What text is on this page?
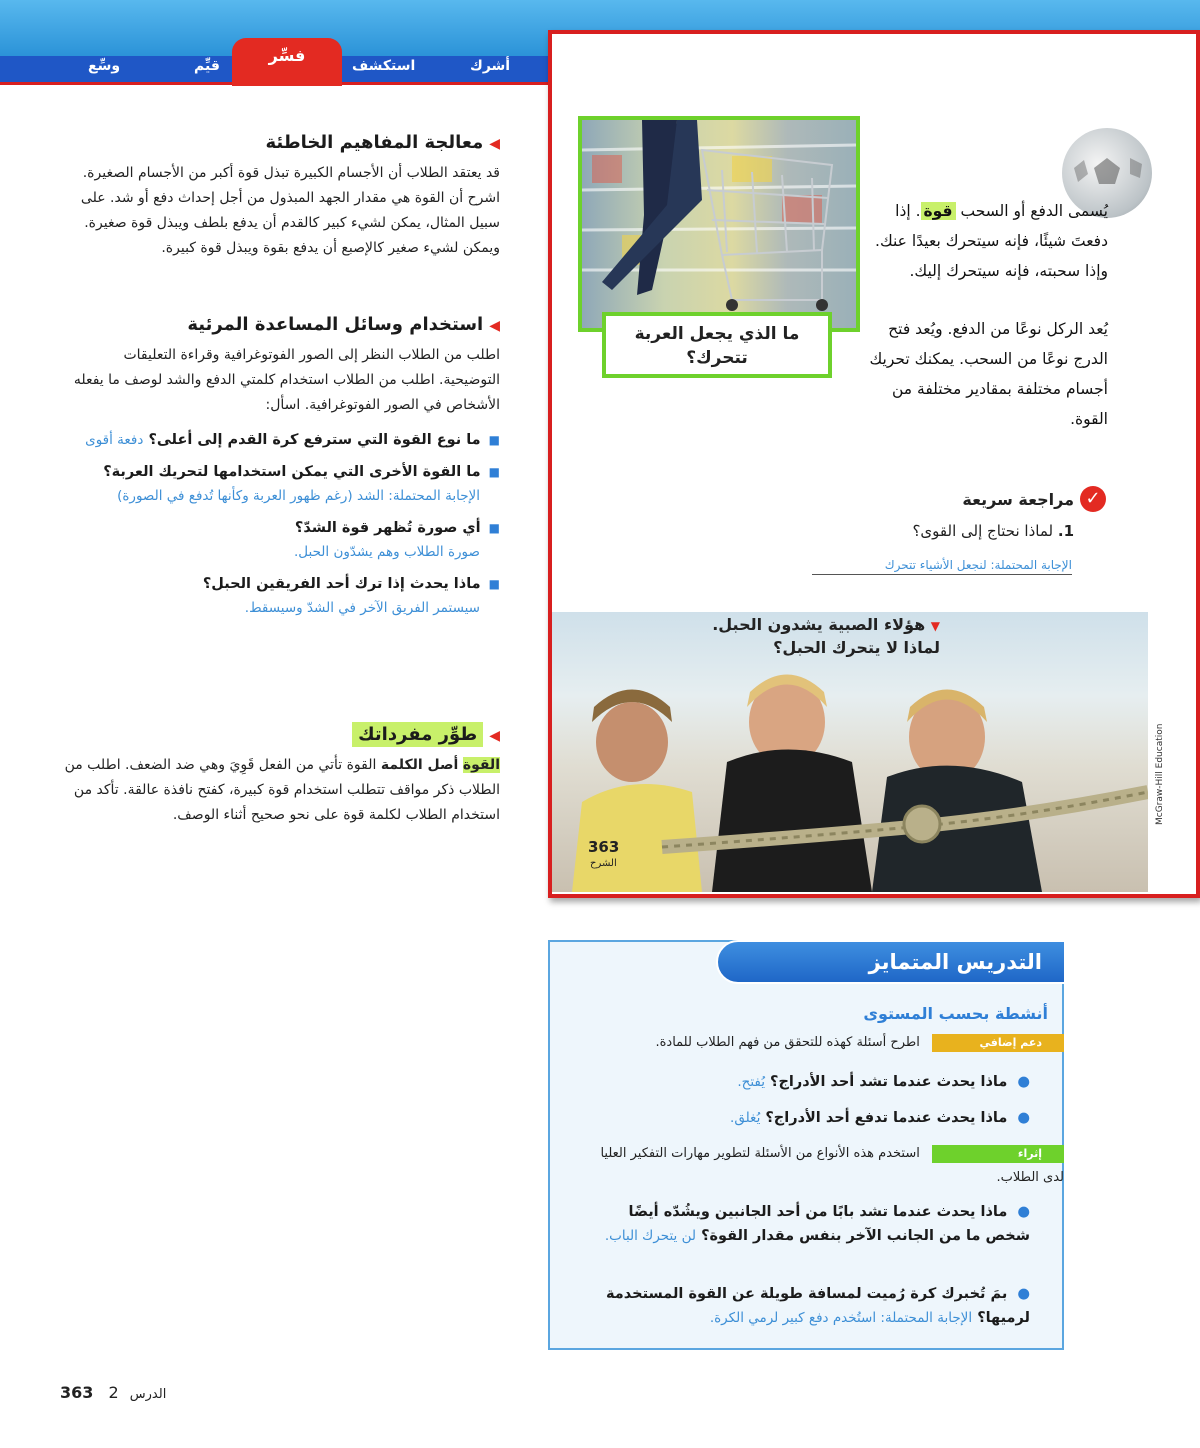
أشرك
استكشف
فسِّر
قيِّم
وسِّع
◀معالجة المفاهيم الخاطئة
قد يعتقد الطلاب أن الأجسام الكبيرة تبذل قوة أكبر من الأجسام الصغيرة. اشرح أن القوة هي مقدار الجهد المبذول من أجل إحداث دفع أو شد. على سبيل المثال، يمكن لشيء كبير كالقدم أن يدفع بلطف ويبذل قوة صغيرة. ويمكن لشيء صغير كالإصبع أن يدفع بقوة ويبذل قوة كبيرة.
◀استخدام وسائل المساعدة المرئية
اطلب من الطلاب النظر إلى الصور الفوتوغرافية وقراءة التعليقات التوضيحية. اطلب من الطلاب استخدام كلمتي الدفع والشد لوصف ما يفعله الأشخاص في الصور الفوتوغرافية. اسأل:
■ما نوع القوة التي سترفع كرة القدم إلى أعلى؟ دفعة أقوى
■ما القوة الأخرى التي يمكن استخدامها لتحريك العربة؟
الإجابة المحتملة: الشد (رغم ظهور العربة وكأنها تُدفع في الصورة)
■أي صورة تُظهر قوة الشدّ؟
صورة الطلاب وهم يشدّون الحبل.
■ماذا يحدث إذا ترك أحد الفريقين الحبل؟
سيستمر الفريق الآخر في الشدّ وسيسقط.
◀طوِّر مفرداتك
القوة أصل الكلمة القوة تأتي من الفعل قَوِيَ وهي ضد الضعف. اطلب من الطلاب ذكر مواقف تتطلب استخدام قوة كبيرة، كفتح نافذة عالقة. تأكد من استخدام الطلاب لكلمة قوة على نحو صحيح أثناء الوصف.
ما الذي يجعل العربة تتحرك؟
يُسمى الدفع أو السحب قوة. إذا دفعتَ شيئًا، فإنه سيتحرك بعيدًا عنك. وإذا سحبته، فإنه سيتحرك إليك.
يُعد الركل نوعًا من الدفع. ويُعد فتح الدرج نوعًا من السحب. يمكنك تحريك أجسام مختلفة بمقادير مختلفة من القوة.
✓
مراجعة سريعة
1. لماذا نحتاج إلى القوى؟
الإجابة المحتملة: لنجعل الأشياء تتحرك
▼ هؤلاء الصبية يشدون الحبل.
لماذا لا يتحرك الحبل؟
363
الشرح
McGraw-Hill Education
التدريس المتمايز
أنشطة بحسب المستوى
دعم إضافي اطرح أسئلة كهذه للتحقق من فهم الطلاب للمادة.
●ماذا يحدث عندما تشد أحد الأدراج؟ يُفتح.
●ماذا يحدث عندما تدفع أحد الأدراج؟ يُغلق.
إثراء استخدم هذه الأنواع من الأسئلة لتطوير مهارات التفكير العليا لدى الطلاب.
●ماذا يحدث عندما تشد بابًا من أحد الجانبين ويشُدّه أيضًا شخص ما من الجانب الآخر بنفس مقدار القوة؟ لن يتحرك الباب.
●بمَ تُخبرك كرة رُميت لمسافة طويلة عن القوة المستخدمة لرميها؟ الإجابة المحتملة: استُخدم دفع كبير لرمي الكرة.
363 2 الدرس
